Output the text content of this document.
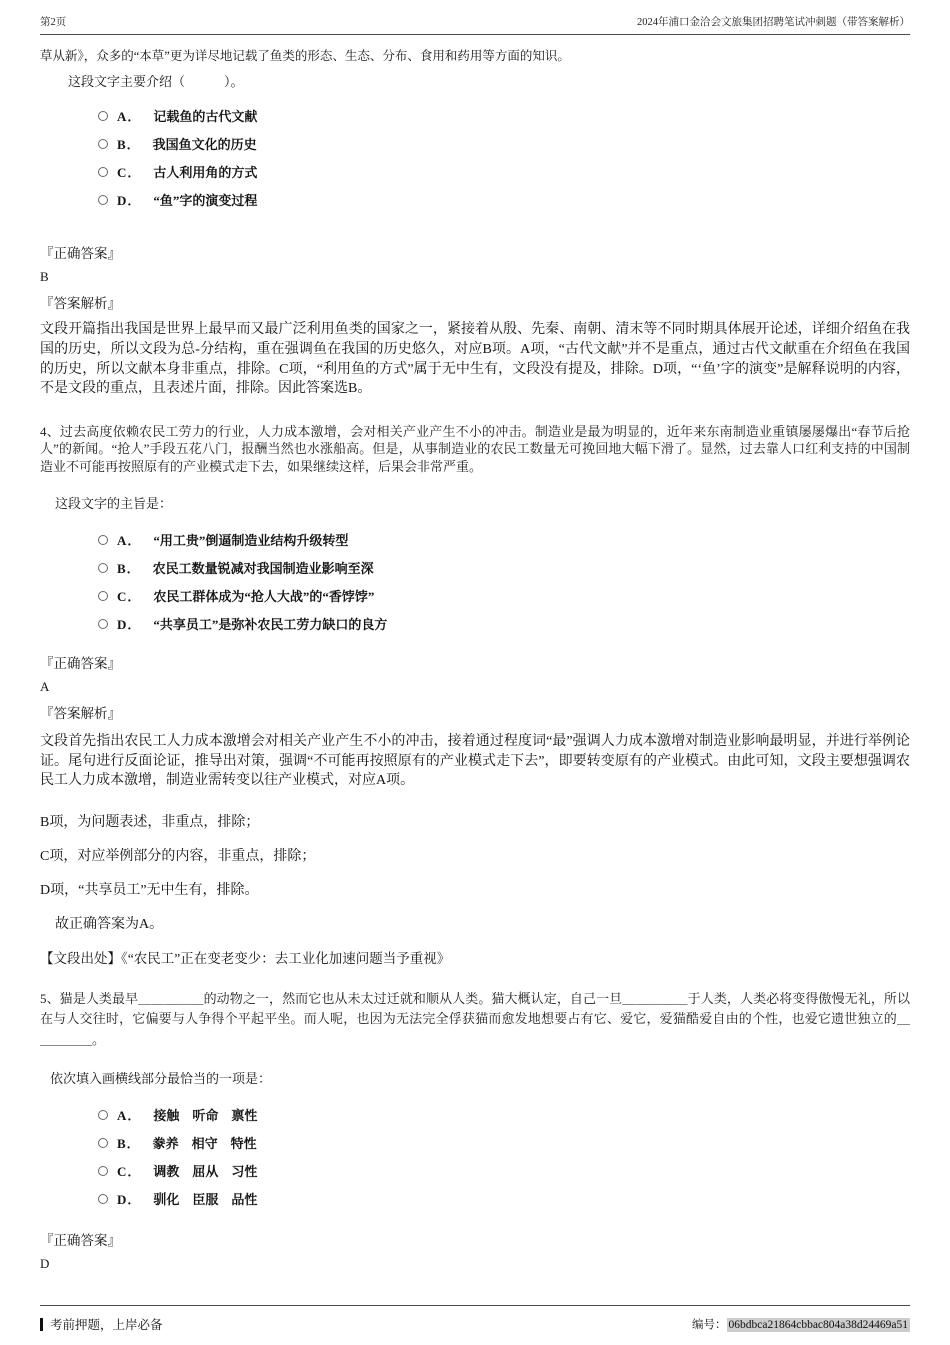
第2页	2024年浦口金洽会文旅集团招聘笔试冲刺题（带答案解析）

草从新》，众多的“本草”更为详尽地记载了鱼类的形态、生态、分布、食用和药用等方面的知识。

这段文字主要介绍（　　　）。

A． 记载鱼的古代文献
B． 我国鱼文化的历史
C． 古人利用角的方式
D． “鱼”字的演变过程

『正确答案』

B

『答案解析』

文段开篇指出我国是世界上最早而又最广泛利用鱼类的国家之一，紧接着从殷、先秦、南朝、清末等不同时期具体展开论述，详细介绍鱼在我国的历史，所以文段为总-分结构，重在强调鱼在我国的历史悠久，对应B项。A项，“古代文献”并不是重点，通过古代文献重在介绍鱼在我国的历史，所以文献本身非重点，排除。C项，“利用鱼的方式”属于无中生有，文段没有提及，排除。D项，“‘鱼’字的演变”是解释说明的内容，不是文段的重点，且表述片面，排除。因此答案选B。

4、过去高度依赖农民工劳力的行业，人力成本激增，会对相关产业产生不小的冲击。制造业是最为明显的，近年来东南制造业重镇屡屡爆出“春节后抢人”的新闻。“抢人”手段五花八门，报酬当然也水涨船高。但是，从事制造业的农民工数量无可挽回地大幅下滑了。显然，过去靠人口红利支持的中国制造业不可能再按照原有的产业模式走下去，如果继续这样，后果会非常严重。

这段文字的主旨是：

A． “用工贵”倒逼制造业结构升级转型
B． 农民工数量锐减对我国制造业影响至深
C． 农民工群体成为“抢人大战”的“香饽饽”
D． “共享员工”是弥补农民工劳力缺口的良方

『正确答案』

A

『答案解析』

文段首先指出农民工人力成本激增会对相关产业产生不小的冲击，接着通过程度词“最”强调人力成本激增对制造业影响最明显，并进行举例论证。尾句进行反面论证，推导出对策，强调“不可能再按照原有的产业模式走下去”，即要转变原有的产业模式。由此可知，文段主要想强调农民工人力成本激增，制造业需转变以往产业模式，对应A项。

B项，为问题表述，非重点，排除；

C项，对应举例部分的内容，非重点，排除；

D项，“共享员工”无中生有，排除。

故正确答案为A。

【文段出处】《“农民工”正在变老变少：去工业化加速问题当予重视》

5、猫是人类最早＿＿＿＿＿的动物之一，然而它也从未太过迁就和顺从人类。猫大概认定，自己一旦＿＿＿＿＿于人类，人类必将变得傲慢无礼，所以在与人交往时，它偏要与人争得个平起平坐。而人呢，也因为无法完全俘获猫而愈发地想要占有它、爱它，爱猫酷爱自由的个性，也爱它遗世独立的＿＿＿＿＿。

依次填入画横线部分最恰当的一项是：

A． 接触　听命　禀性
B． 豢养　相守　特性
C． 调教　屈从　习性
D． 驯化　臣服　品性

『正确答案』

D

考前押题，上岸必备	编号： 06bdbca21864cbbac804a38d24469a51
